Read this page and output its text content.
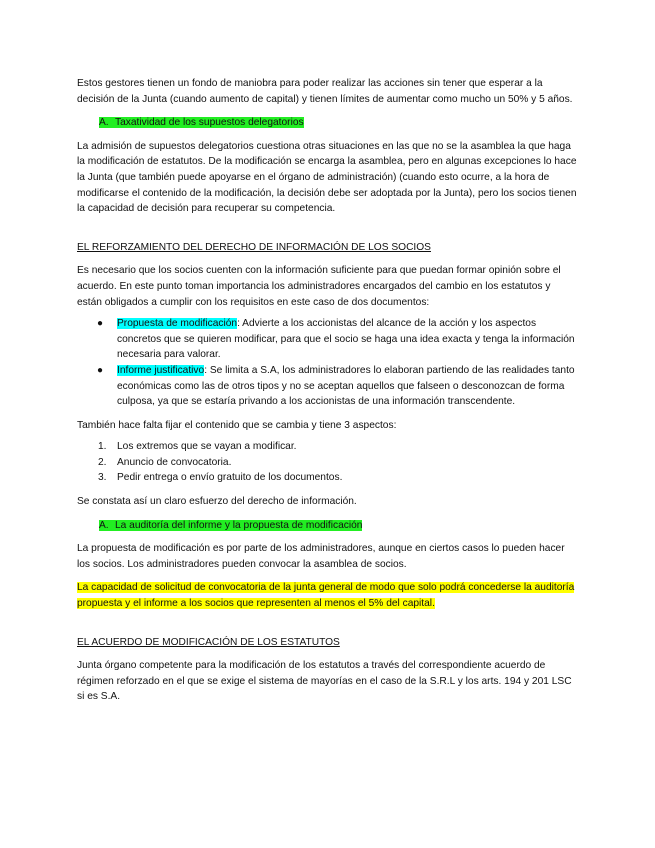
Estos gestores tienen un fondo de maniobra para poder realizar las acciones sin tener que esperar a la decisión de la Junta (cuando aumento de capital) y tienen límites de aumentar como mucho un 50% y 5 años.

A. Taxatividad de los supuestos delegatorios

La admisión de supuestos delegatorios cuestiona otras situaciones en las que no se la asamblea la que haga la modificación de estatutos. De la modificación se encarga la asamblea, pero en algunas excepciones lo hace la Junta (que también puede apoyarse en el órgano de administración) (cuando esto ocurre, a la hora de modificarse el contenido de la modificación, la decisión debe ser adoptada por la Junta), pero los socios tienen la capacidad de decisión para recuperar su competencia.

EL REFORZAMIENTO DEL DERECHO DE INFORMACIÓN DE LOS SOCIOS

Es necesario que los socios cuenten con la información suficiente para que puedan formar opinión sobre el acuerdo. En este punto toman importancia los administradores encargados del cambio en los estatutos y están obligados a cumplir con los requisitos en este caso de dos documentos:

● Propuesta de modificación: Advierte a los accionistas del alcance de la acción y los aspectos concretos que se quieren modificar, para que el socio se haga una idea exacta y tenga la información necesaria para valorar.
● Informe justificativo: Se limita a S.A, los administradores lo elaboran partiendo de las realidades tanto económicas como las de otros tipos y no se aceptan aquellos que falseen o desconozcan de forma culposa, ya que se estaría privando a los accionistas de una información transcendente.

También hace falta fijar el contenido que se cambia y tiene 3 aspectos:

1. Los extremos que se vayan a modificar.
2. Anuncio de convocatoria.
3. Pedir entrega o envío gratuito de los documentos.

Se constata así un claro esfuerzo del derecho de información.

A. La auditoría del informe y la propuesta de modificación

La propuesta de modificación es por parte de los administradores, aunque en ciertos casos lo pueden hacer los socios. Los administradores pueden convocar la asamblea de socios.

La capacidad de solicitud de convocatoria de la junta general de modo que solo podrá concederse la auditoría propuesta y el informe a los socios que representen al menos el 5% del capital.

EL ACUERDO DE MODIFICACIÓN DE LOS ESTATUTOS

Junta órgano competente para la modificación de los estatutos a través del correspondiente acuerdo de régimen reforzado en el que se exige el sistema de mayorías en el caso de la S.R.L y los arts. 194 y 201 LSC si es S.A.
